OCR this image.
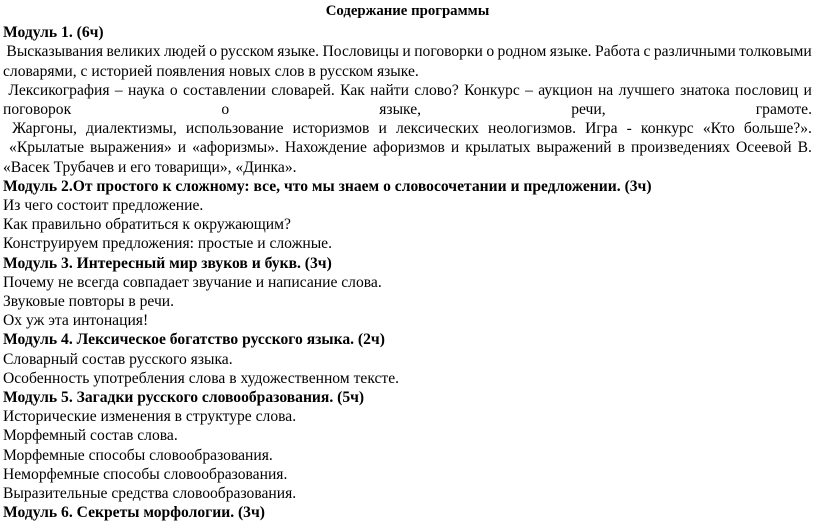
Содержание программы
Модуль 1. (6ч)

Высказывания великих людей о русском языке. Пословицы и поговорки о родном языке. Работа с различными толковыми

словарями, с историей появления новых слов в русском языке.

Лексикография – наука о составлении словарей. Как найти слово? Конкурс – аукцион на лучшего знатока пословиц и

поговорок	о	языке,	речи,	грамоте.

Жаргоны, диалектизмы, использование историзмов и лексических неологизмов. Игра - конкурс «Кто больше?».

«Крылатые выражения» и «афоризмы». Нахождение афоризмов и крылатых выражений в произведениях Осеевой В.

«Васек Трубачев и его товарищи», «Динка».
Модуль 2.От простого к сложному: все, что мы знаем о словосочетании и предложении. (3ч)
Из чего состоит предложение.
Как правильно обратиться к окружающим?
Конструируем предложения: простые и сложные.
Модуль 3. Интересный мир звуков и букв. (3ч)
Почему не всегда совпадает звучание и написание слова.
Звуковые повторы в речи.
Ох уж эта интонация!
Модуль 4. Лексическое богатство русского языка. (2ч)
Словарный состав русского языка.
Особенность употребления слова в художественном тексте.
Модуль 5. Загадки русского словообразования. (5ч)
Исторические изменения в структуре слова.
Морфемный состав слова.
Морфемные способы словообразования.
Неморфемные способы словообразования.
Выразительные средства словообразования.
Модуль 6. Секреты морфологии. (3ч)
